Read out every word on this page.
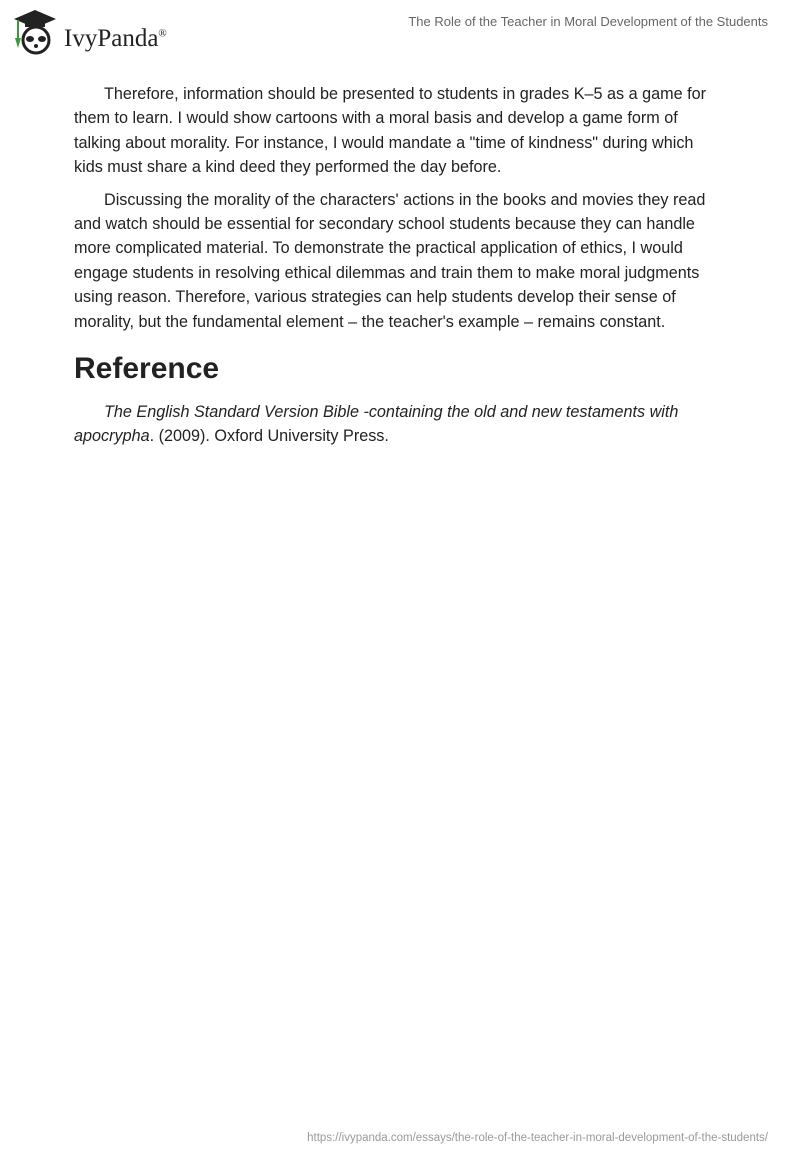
IvyPanda®
The Role of the Teacher in Moral Development of the Students

Therefore, information should be presented to students in grades K–5 as a game for them to learn. I would show cartoons with a moral basis and develop a game form of talking about morality. For instance, I would mandate a "time of kindness" during which kids must share a kind deed they performed the day before.

Discussing the morality of the characters' actions in the books and movies they read and watch should be essential for secondary school students because they can handle more complicated material. To demonstrate the practical application of ethics, I would engage students in resolving ethical dilemmas and train them to make moral judgments using reason. Therefore, various strategies can help students develop their sense of morality, but the fundamental element – the teacher's example – remains constant.

Reference

The English Standard Version Bible -containing the old and new testaments with apocrypha. (2009). Oxford University Press.

https://ivypanda.com/essays/the-role-of-the-teacher-in-moral-development-of-the-students/
